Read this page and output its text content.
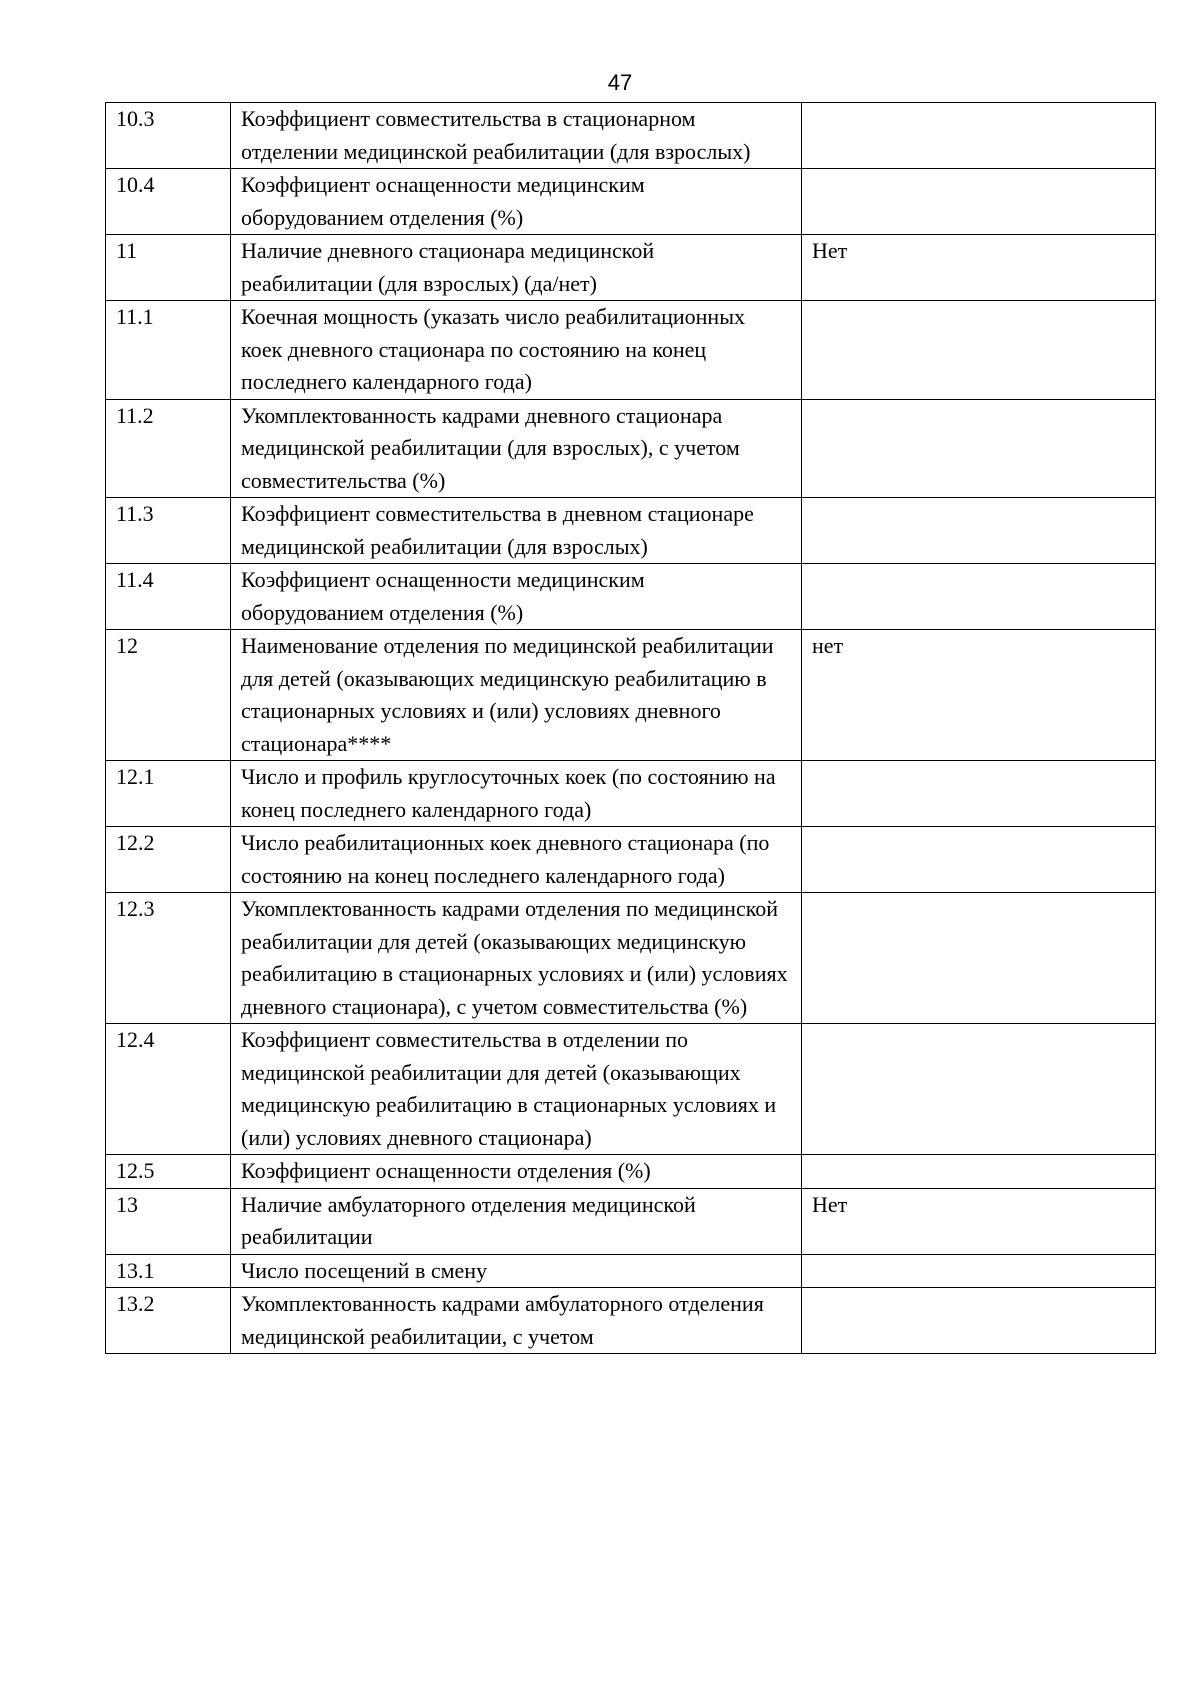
47
10.3	Коэффициент совместительства в стационарном отделении медицинской реабилитации (для взрослых)	
10.4	Коэффициент оснащенности медицинским оборудованием отделения (%)	
11	Наличие дневного стационара медицинской реабилитации (для взрослых) (да/нет)	Нет
11.1	Коечная мощность (указать число реабилитационных коек дневного стационара по состоянию на конец последнего календарного года)	
11.2	Укомплектованность кадрами дневного стационара медицинской реабилитации (для взрослых), с учетом совместительства (%)	
11.3	Коэффициент совместительства в дневном стационаре медицинской реабилитации (для взрослых)	
11.4	Коэффициент оснащенности медицинским оборудованием отделения (%)	
12	Наименование отделения по медицинской реабилитации для детей (оказывающих медицинскую реабилитацию в стационарных условиях и (или) условиях дневного стационара****	нет
12.1	Число и профиль круглосуточных коек (по состоянию на конец последнего календарного года)	
12.2	Число реабилитационных коек дневного стационара (по состоянию на конец последнего календарного года)	
12.3	Укомплектованность кадрами отделения по медицинской реабилитации для детей (оказывающих медицинскую реабилитацию в стационарных условиях и (или) условиях дневного стационара), с учетом совместительства (%)	
12.4	Коэффициент совместительства в отделении по медицинской реабилитации для детей (оказывающих медицинскую реабилитацию в стационарных условиях и (или) условиях дневного стационара)	
12.5	Коэффициент оснащенности отделения (%)	
13	Наличие амбулаторного отделения медицинской реабилитации	Нет
13.1	Число посещений в смену	
13.2	Укомплектованность кадрами амбулаторного отделения медицинской реабилитации, с учетом	
